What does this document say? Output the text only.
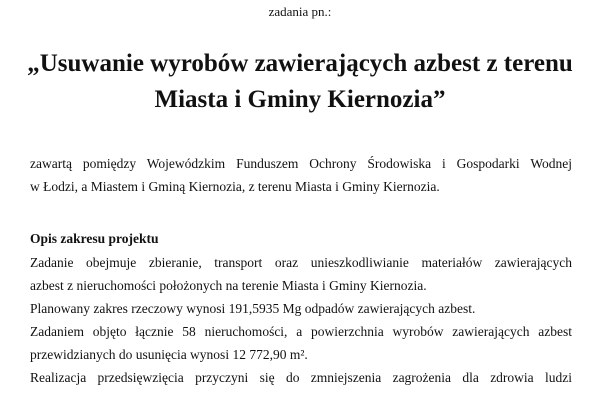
zadania pn.:
„Usuwanie wyrobów zawierających azbest z terenu
Miasta i Gminy Kiernozia”
zawartą pomiędzy Wojewódzkim Funduszem Ochrony Środowiska i Gospodarki Wodnej
w Łodzi, a Miastem i Gminą Kiernozia, z terenu Miasta i Gminy Kiernozia.
Opis zakresu projektu
Zadanie obejmuje zbieranie, transport oraz unieszkodliwianie materiałów zawierających
azbest z nieruchomości położonych na terenie Miasta i Gminy Kiernozia.
Planowany zakres rzeczowy wynosi 191,5935 Mg odpadów zawierających azbest.
Zadaniem objęto łącznie 58 nieruchomości, a powierzchnia wyrobów zawierających azbest
przewidzianych do usunięcia wynosi 12 772,90 m².
Realizacja przedsięwzięcia przyczyni się do zmniejszenia zagrożenia dla zdrowia ludzi
